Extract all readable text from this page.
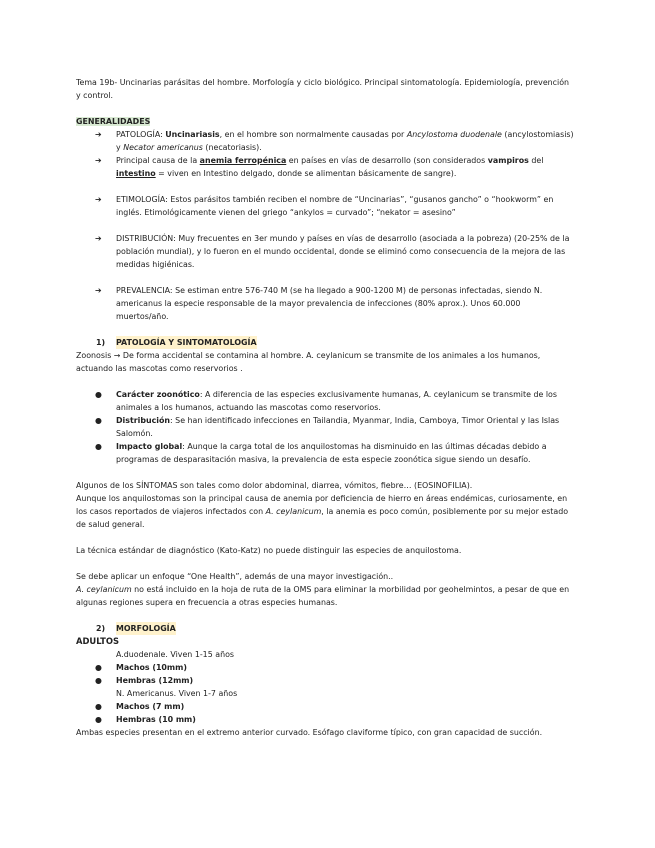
Tema 19b- Uncinarias parásitas del hombre. Morfología y ciclo biológico. Principal sintomatología. Epidemiología, prevención y control.

GENERALIDADES

➔	PATOLOGÍA: Uncinariasis, en el hombre son normalmente causadas por Ancylostoma duodenale (ancylostomiasis) y Necator americanus (necatoriasis).
➔	Principal causa de la anemia ferropénica en países en vías de desarrollo (son considerados vampiros del intestino = viven en Intestino delgado, donde se alimentan básicamente de sangre).
➔	ETIMOLOGÍA: Estos parásitos también reciben el nombre de “Uncinarias”, “gusanos gancho” o “hookworm” en inglés. Etimológicamente vienen del griego “ankylos = curvado”; “nekator = asesino”
➔	DISTRIBUCIÓN: Muy frecuentes en 3er mundo y países en vías de desarrollo (asociada a la pobreza) (20-25% de la población mundial), y lo fueron en el mundo occidental, donde se eliminó como consecuencia de la mejora de las medidas higiénicas.
➔	PREVALENCIA: Se estiman entre 576-740 M (se ha llegado a 900-1200 M) de personas infectadas, siendo N. americanus la especie responsable de la mayor prevalencia de infecciones (80% aprox.). Unos 60.000 muertos/año.
1)	PATOLOGÍA Y SINTOMATOLOGÍA

Zoonosis → De forma accidental se contamina al hombre. A. ceylanicum se transmite de los animales a los humanos, actuando las mascotas como reservorios .

●	Carácter zoonótico: A diferencia de las especies exclusivamente humanas, A. ceylanicum se transmite de los animales a los humanos, actuando las mascotas como reservorios.
●	Distribución: Se han identificado infecciones en Tailandia, Myanmar, India, Camboya, Timor Oriental y las Islas Salomón.
●	Impacto global: Aunque la carga total de los anquilostomas ha disminuido en las últimas décadas debido a programas de desparasitación masiva, la prevalencia de esta especie zoonótica sigue siendo un desafío.

Algunos de los SÍNTOMAS son tales como dolor abdominal, diarrea, vómitos, fiebre… (EOSINOFILIA).

Aunque los anquilostomas son la principal causa de anemia por deficiencia de hierro en áreas endémicas, curiosamente, en los casos reportados de viajeros infectados con A. ceylanicum, la anemia es poco común, posiblemente por su mejor estado de salud general.

La técnica estándar de diagnóstico (Kato-Katz) no puede distinguir las especies de anquilostoma.

Se debe aplicar un enfoque “One Health”, además de una mayor investigación..

A. ceylanicum no está incluido en la hoja de ruta de la OMS para eliminar la morbilidad por geohelmintos, a pesar de que en algunas regiones supera en frecuencia a otras especies humanas.

2)	MORFOLOGÍA

ADULTOS

A.duodenale. Viven 1-15 años

●	Machos (10mm)
●	Hembras (12mm)

N. Americanus. Viven 1-7 años

●	Machos (7 mm)
●	Hembras (10 mm)

Ambas especies presentan en el extremo anterior curvado. Esófago claviforme típico, con gran capacidad de succión.
